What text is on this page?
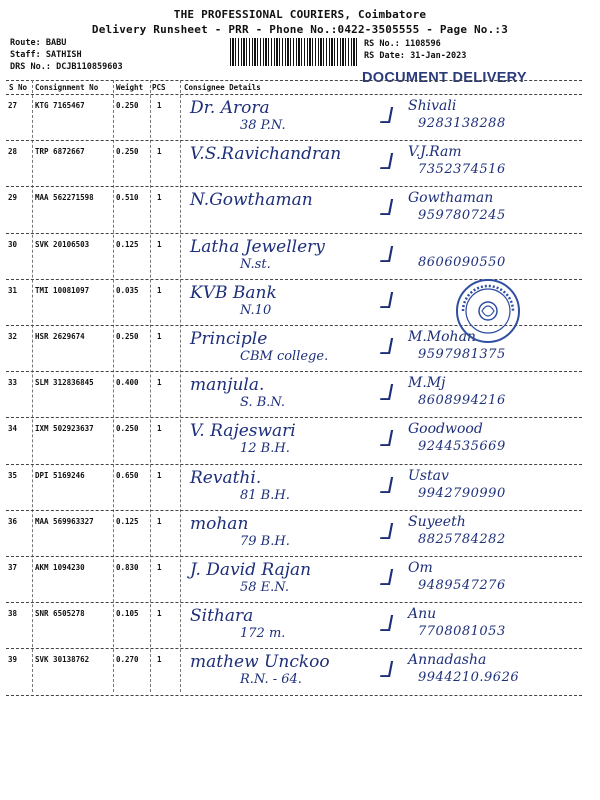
THE PROFESSIONAL COURIERS, Coimbatore
Delivery Runsheet - PRR - Phone No.:0422-3505555 - Page No.:3
Route: BABU
Staff: SATHISH
DRS No.: DCJB110859603
RS No.: 1108596
RS Date: 31-Jan-2023
DOCUMENT DELIVERY
S No Consignment No Weight PCS Consignee Details
27 KTG 7165467	0.250 1 Dr. Arora
38 P.N.	⅃ Shivali
9283138288
28 TRP 6872667	0.250 1 V.S.Ravichandran ⅃ V.J.Ram
7352374516
29 MAA 562271598	0.510 1 N.Gowthaman	⅃ Gowthaman
9597807245
30 SVK 20106503	0.125 1 Latha Jewellery
N.st.	⅃ 8606090550
31 TMI 10081097	0.035 1 KVB Bank
N.10	⅃
32 HSR 2629674	0.250 1 Principle
CBM college. ⅃ M.Mohan
9597981375
33 SLM 312836845	0.400 1 manjula.
S. B.N.	⅃ M.Mj
8608994216
34 IXM 502923637	0.250 1 V. Rajeswari
12 B.H.	⅃ Goodwood
9244535669
35 DPI 5169246	0.650 1 Revathi.
81 B.H.	⅃ Ustav
9942790990
36 MAA 569963327	0.125 1 mohan
79 B.H.	⅃ Suyeeth
8825784282
37 AKM 1094230	0.830 1 J. David Rajan
58 E.N.	⅃ Om
9489547276
38 SNR 6505278	0.105 1 Sithara
172 m.	⅃ Anu
7708081053
39 SVK 30138762	0.270 1 mathew Unckoo
R.N. - 64.	⅃ Annadasha
9944210.9626
